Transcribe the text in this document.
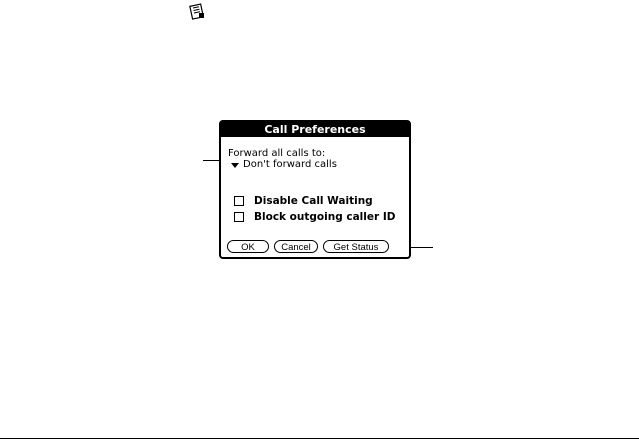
Call Preferences
Forward all calls to:
Don't forward calls
Disable Call Waiting
Block outgoing caller ID
OK	Cancel	Get Status
